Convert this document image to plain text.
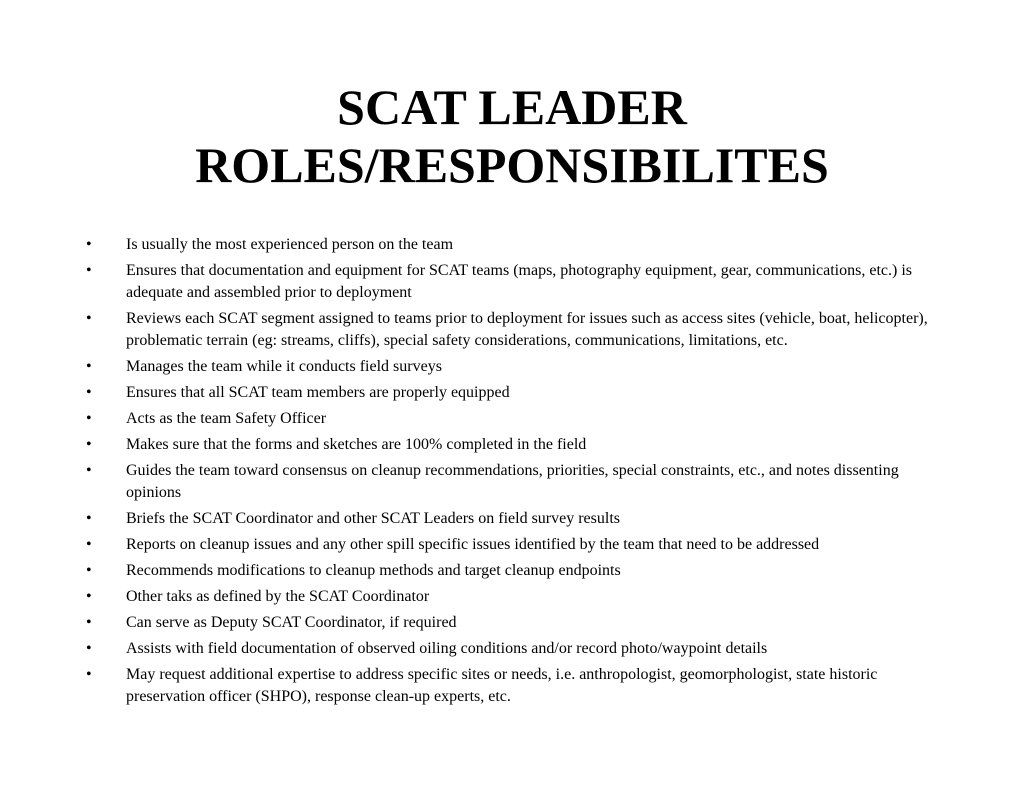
SCAT LEADER
ROLES/RESPONSIBILITES
•	Is usually the most experienced person on the team
•	Ensures that documentation and equipment for SCAT teams (maps, photography equipment, gear, communications, etc.) is adequate and assembled prior to deployment
•	Reviews each SCAT segment assigned to teams prior to deployment for issues such as access sites (vehicle, boat, helicopter), problematic terrain (eg: streams, cliffs), special safety considerations, communications, limitations, etc.
•	Manages the team while it conducts field surveys
•	Ensures that all SCAT team members are properly equipped
•	Acts as the team Safety Officer
•	Makes sure that the forms and sketches are 100% completed in the field
•	Guides the team toward consensus on cleanup recommendations, priorities, special constraints, etc., and notes dissenting opinions
•	Briefs the SCAT Coordinator and other SCAT Leaders on field survey results
•	Reports on cleanup issues and any other spill specific issues identified by the team that need to be addressed
•	Recommends modifications to cleanup methods and target cleanup endpoints
•	Other taks as defined by the SCAT Coordinator
•	Can serve as Deputy SCAT Coordinator, if required
•	Assists with field documentation of observed oiling conditions and/or record photo/waypoint details
•	May request additional expertise to address specific sites or needs, i.e. anthropologist, geomorphologist, state historic preservation officer (SHPO), response clean-up experts, etc.
